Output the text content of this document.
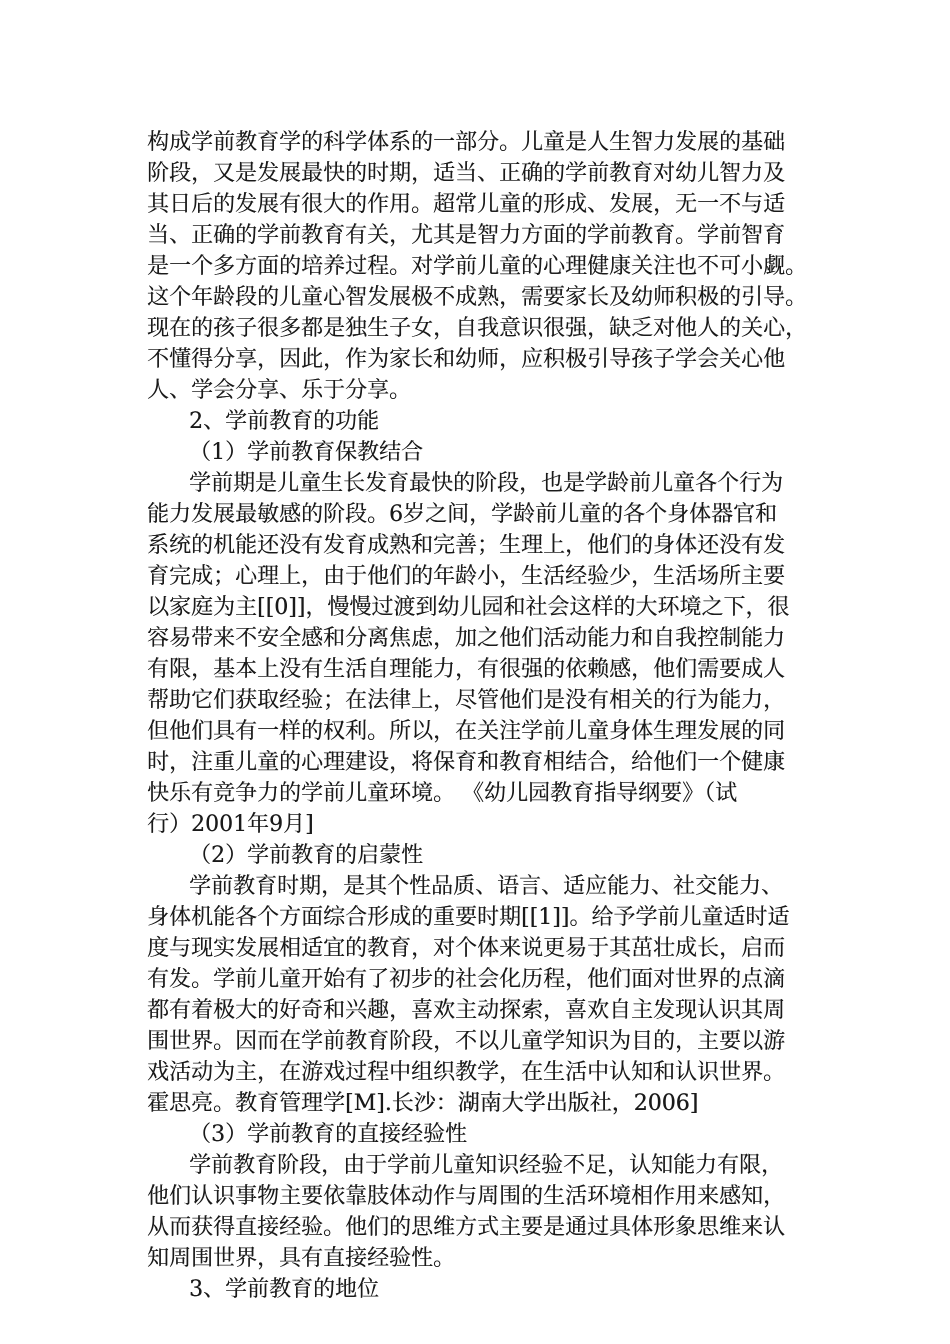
构成学前教育学的科学体系的一部分。儿童是人生智力发展的基础
阶段，又是发展最快的时期，适当、正确的学前教育对幼儿智力及
其日后的发展有很大的作用。超常儿童的形成、发展，无一不与适
当、正确的学前教育有关，尤其是智力方面的学前教育。学前智育
是一个多方面的培养过程。对学前儿童的心理健康关注也不可小觑。
这个年龄段的儿童心智发展极不成熟，需要家长及幼师积极的引导。
现在的孩子很多都是独生子女，自我意识很强，缺乏对他人的关心，
不懂得分享，因此，作为家长和幼师，应积极引导孩子学会关心他
人、学会分享、乐于分享。
2、学前教育的功能
（1）学前教育保教结合
学前期是儿童生长发育最快的阶段，也是学龄前儿童各个行为
能力发展最敏感的阶段。6岁之间，学龄前儿童的各个身体器官和
系统的机能还没有发育成熟和完善；生理上，他们的身体还没有发
育完成；心理上，由于他们的年龄小，生活经验少，生活场所主要
以家庭为主[[0]]，慢慢过渡到幼儿园和社会这样的大环境之下，很
容易带来不安全感和分离焦虑，加之他们活动能力和自我控制能力
有限，基本上没有生活自理能力，有很强的依赖感，他们需要成人
帮助它们获取经验；在法律上，尽管他们是没有相关的行为能力，
但他们具有一样的权利。所以，在关注学前儿童身体生理发展的同
时，注重儿童的心理建设，将保育和教育相结合，给他们一个健康
快乐有竞争力的学前儿童环境。 《幼儿园教育指导纲要》（试
行）2001年9月]
（2）学前教育的启蒙性
学前教育时期，是其个性品质、语言、适应能力、社交能力、
身体机能各个方面综合形成的重要时期[[1]]。给予学前儿童适时适
度与现实发展相适宜的教育，对个体来说更易于其茁壮成长，启而
有发。学前儿童开始有了初步的社会化历程，他们面对世界的点滴
都有着极大的好奇和兴趣，喜欢主动探索，喜欢自主发现认识其周
围世界。因而在学前教育阶段，不以儿童学知识为目的，主要以游
戏活动为主，在游戏过程中组织教学，在生活中认知和认识世界。
霍思亮。教育管理学[M].长沙：湖南大学出版社，2006]
（3）学前教育的直接经验性
学前教育阶段，由于学前儿童知识经验不足，认知能力有限，
他们认识事物主要依靠肢体动作与周围的生活环境相作用来感知，
从而获得直接经验。他们的思维方式主要是通过具体形象思维来认
知周围世界，具有直接经验性。
3、学前教育的地位
